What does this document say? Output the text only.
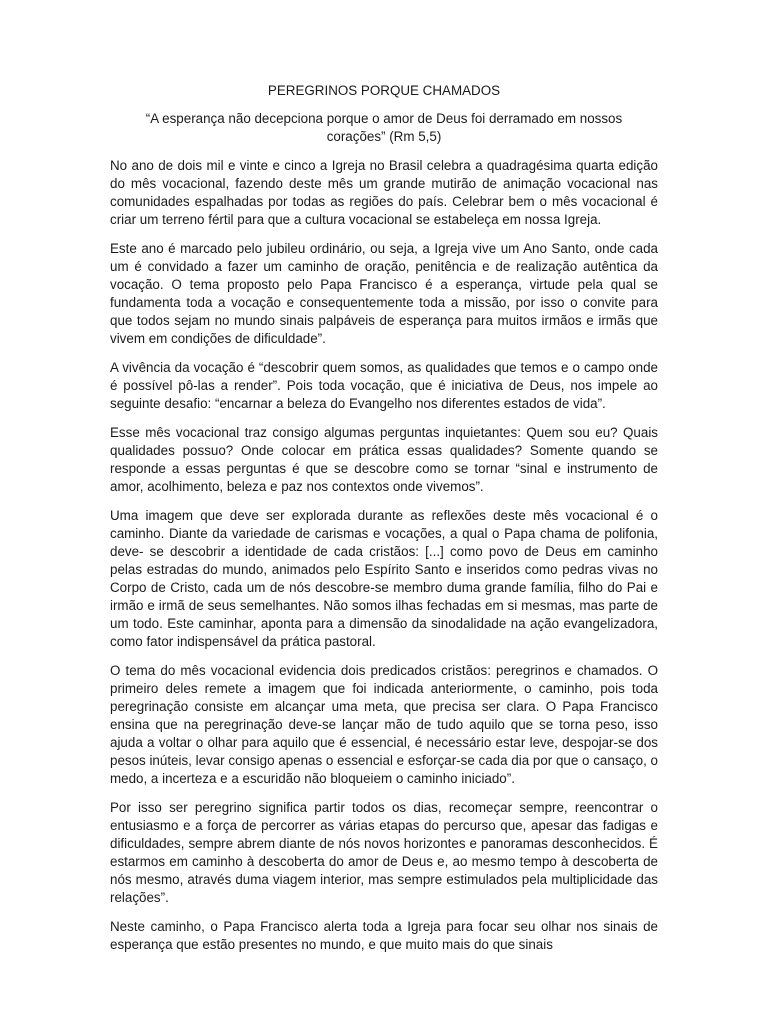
PEREGRINOS PORQUE CHAMADOS

“A esperança não decepciona porque o amor de Deus foi derramado em nossos corações” (Rm 5,5)

No ano de dois mil e vinte e cinco a Igreja no Brasil celebra a quadragésima quarta edição do mês vocacional, fazendo deste mês um grande mutirão de animação vocacional nas comunidades espalhadas por todas as regiões do país. Celebrar bem o mês vocacional é criar um terreno fértil para que a cultura vocacional se estabeleça em nossa Igreja.

Este ano é marcado pelo jubileu ordinário, ou seja, a Igreja vive um Ano Santo, onde cada um é convidado a fazer um caminho de oração, penitência e de realização autêntica da vocação. O tema proposto pelo Papa Francisco é a esperança, virtude pela qual se fundamenta toda a vocação e consequentemente toda a missão, por isso o convite para que todos sejam no mundo sinais palpáveis de esperança para muitos irmãos e irmãs que vivem em condições de dificuldade”.

A vivência da vocação é “descobrir quem somos, as qualidades que temos e o campo onde é possível pô-las a render”. Pois toda vocação, que é iniciativa de Deus, nos impele ao seguinte desafio: “encarnar a beleza do Evangelho nos diferentes estados de vida”.

Esse mês vocacional traz consigo algumas perguntas inquietantes: Quem sou eu? Quais qualidades possuo? Onde colocar em prática essas qualidades? Somente quando se responde a essas perguntas é que se descobre como se tornar “sinal e instrumento de amor, acolhimento, beleza e paz nos contextos onde vivemos”.

Uma imagem que deve ser explorada durante as reflexões deste mês vocacional é o caminho. Diante da variedade de carismas e vocações, a qual o Papa chama de polifonia, deve- se descobrir a identidade de cada cristãos: [...] como povo de Deus em caminho pelas estradas do mundo, animados pelo Espírito Santo e inseridos como pedras vivas no Corpo de Cristo, cada um de nós descobre-se membro duma grande família, filho do Pai e irmão e irmã de seus semelhantes. Não somos ilhas fechadas em si mesmas, mas parte de um todo. Este caminhar, aponta para a dimensão da sinodalidade na ação evangelizadora, como fator indispensável da prática pastoral.

O tema do mês vocacional evidencia dois predicados cristãos: peregrinos e chamados. O primeiro deles remete a imagem que foi indicada anteriormente, o caminho, pois toda peregrinação consiste em alcançar uma meta, que precisa ser clara. O Papa Francisco ensina que na peregrinação deve-se lançar mão de tudo aquilo que se torna peso, isso ajuda a voltar o olhar para aquilo que é essencial, é necessário estar leve, despojar-se dos pesos inúteis, levar consigo apenas o essencial e esforçar-se cada dia por que o cansaço, o medo, a incerteza e a escuridão não bloqueiem o caminho iniciado”.

Por isso ser peregrino significa partir todos os dias, recomeçar sempre, reencontrar o entusiasmo e a força de percorrer as várias etapas do percurso que, apesar das fadigas e dificuldades, sempre abrem diante de nós novos horizontes e panoramas desconhecidos. É estarmos em caminho à descoberta do amor de Deus e, ao mesmo tempo à descoberta de nós mesmo, através duma viagem interior, mas sempre estimulados pela multiplicidade das relações”.

Neste caminho, o Papa Francisco alerta toda a Igreja para focar seu olhar nos sinais de esperança que estão presentes no mundo, e que muito mais do que sinais
